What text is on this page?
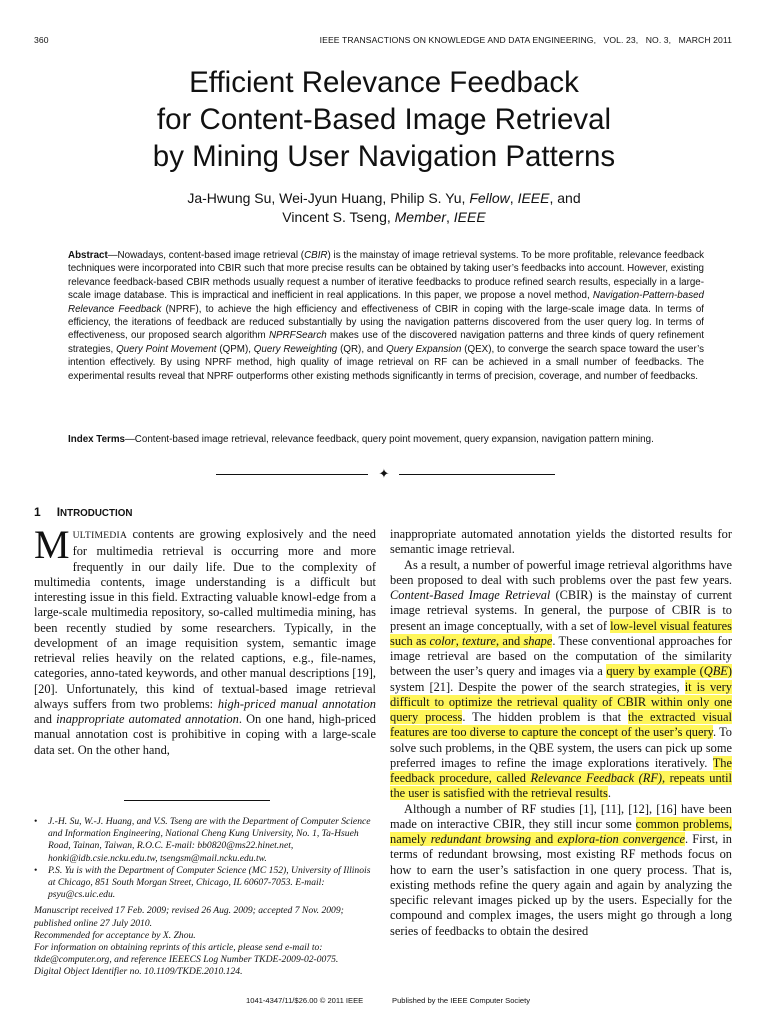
360	IEEE TRANSACTIONS ON KNOWLEDGE AND DATA ENGINEERING,   VOL. 23,   NO. 3,   MARCH 2011
Efficient Relevance Feedback
for Content-Based Image Retrieval
by Mining User Navigation Patterns
Ja-Hwung Su, Wei-Jyun Huang, Philip S. Yu, Fellow, IEEE, and
Vincent S. Tseng, Member, IEEE
Abstract—Nowadays, content-based image retrieval (CBIR) is the mainstay of image retrieval systems. To be more profitable, relevance feedback techniques were incorporated into CBIR such that more precise results can be obtained by taking user’s feedbacks into account. However, existing relevance feedback-based CBIR methods usually request a number of iterative feedbacks to produce refined search results, especially in a large-scale image database. This is impractical and inefficient in real applications. In this paper, we propose a novel method, Navigation-Pattern-based Relevance Feedback (NPRF), to achieve the high efficiency and effectiveness of CBIR in coping with the large-scale image data. In terms of efficiency, the iterations of feedback are reduced substantially by using the navigation patterns discovered from the user query log. In terms of effectiveness, our proposed search algorithm NPRFSearch makes use of the discovered navigation patterns and three kinds of query refinement strategies, Query Point Movement (QPM), Query Reweighting (QR), and Query Expansion (QEX), to converge the search space toward the user’s intention effectively. By using NPRF method, high quality of image retrieval on RF can be achieved in a small number of feedbacks. The experimental results reveal that NPRF outperforms other existing methods significantly in terms of precision, coverage, and number of feedbacks.
Index Terms—Content-based image retrieval, relevance feedback, query point movement, query expansion, navigation pattern mining.
✦
1 INTRODUCTION

MULTIMEDIA contents are growing explosively and the need for multimedia retrieval is occurring more and more frequently in our daily life. Due to the complexity of multimedia contents, image understanding is a difficult but interesting issue in this field. Extracting valuable knowl-edge from a large-scale multimedia repository, so-called multimedia mining, has been recently studied by some researchers. Typically, in the development of an image requisition system, semantic image retrieval relies heavily on the related captions, e.g., file-names, categories, anno-tated keywords, and other manual descriptions [19], [20]. Unfortunately, this kind of textual-based image retrieval always suffers from two problems: high-priced manual annotation and inappropriate automated annotation. On one hand, high-priced manual annotation cost is prohibitive in coping with a large-scale data set. On the other hand,

• J.-H. Su, W.-J. Huang, and V.S. Tseng are with the Department of Computer Science and Information Engineering, National Cheng Kung University, No. 1, Ta-Hsueh Road, Tainan, Taiwan, R.O.C. E-mail: bb0820@ms22.hinet.net, honki@idb.csie.ncku.edu.tw, tsengsm@mail.ncku.edu.tw.
• P.S. Yu is with the Department of Computer Science (MC 152), University of Illinois at Chicago, 851 South Morgan Street, Chicago, IL 60607-7053. E-mail: psyu@cs.uic.edu.
Manuscript received 17 Feb. 2009; revised 26 Aug. 2009; accepted 7 Nov. 2009; published online 27 July 2010.
Recommended for acceptance by X. Zhou.
For information on obtaining reprints of this article, please send e-mail to: tkde@computer.org, and reference IEEECS Log Number TKDE-2009-02-0075.
Digital Object Identifier no. 10.1109/TKDE.2010.124.

inappropriate automated annotation yields the distorted results for semantic image retrieval.

As a result, a number of powerful image retrieval algorithms have been proposed to deal with such problems over the past few years. Content-Based Image Retrieval (CBIR) is the mainstay of current image retrieval systems. In general, the purpose of CBIR is to present an image conceptually, with a set of low-level visual features such as color, texture, and shape. These conventional approaches for image retrieval are based on the computation of the similarity between the user’s query and images via a query by example (QBE) system [21]. Despite the power of the search strategies, it is very difficult to optimize the retrieval quality of CBIR within only one query process. The hidden problem is that the extracted visual features are too diverse to capture the concept of the user’s query. To solve such problems, in the QBE system, the users can pick up some preferred images to refine the image explorations iteratively. The feedback procedure, called Relevance Feedback (RF), repeats until the user is satisfied with the retrieval results.

Although a number of RF studies [1], [11], [12], [16] have been made on interactive CBIR, they still incur some common problems, namely redundant browsing and explora-tion convergence. First, in terms of redundant browsing, most existing RF methods focus on how to earn the user’s satisfaction in one query process. That is, existing methods refine the query again and again by analyzing the specific relevant images picked up by the users. Especially for the compound and complex images, the users might go through a long series of feedbacks to obtain the desired

1041-4347/11/$26.00 © 2011 IEEE	Published by the IEEE Computer Society
